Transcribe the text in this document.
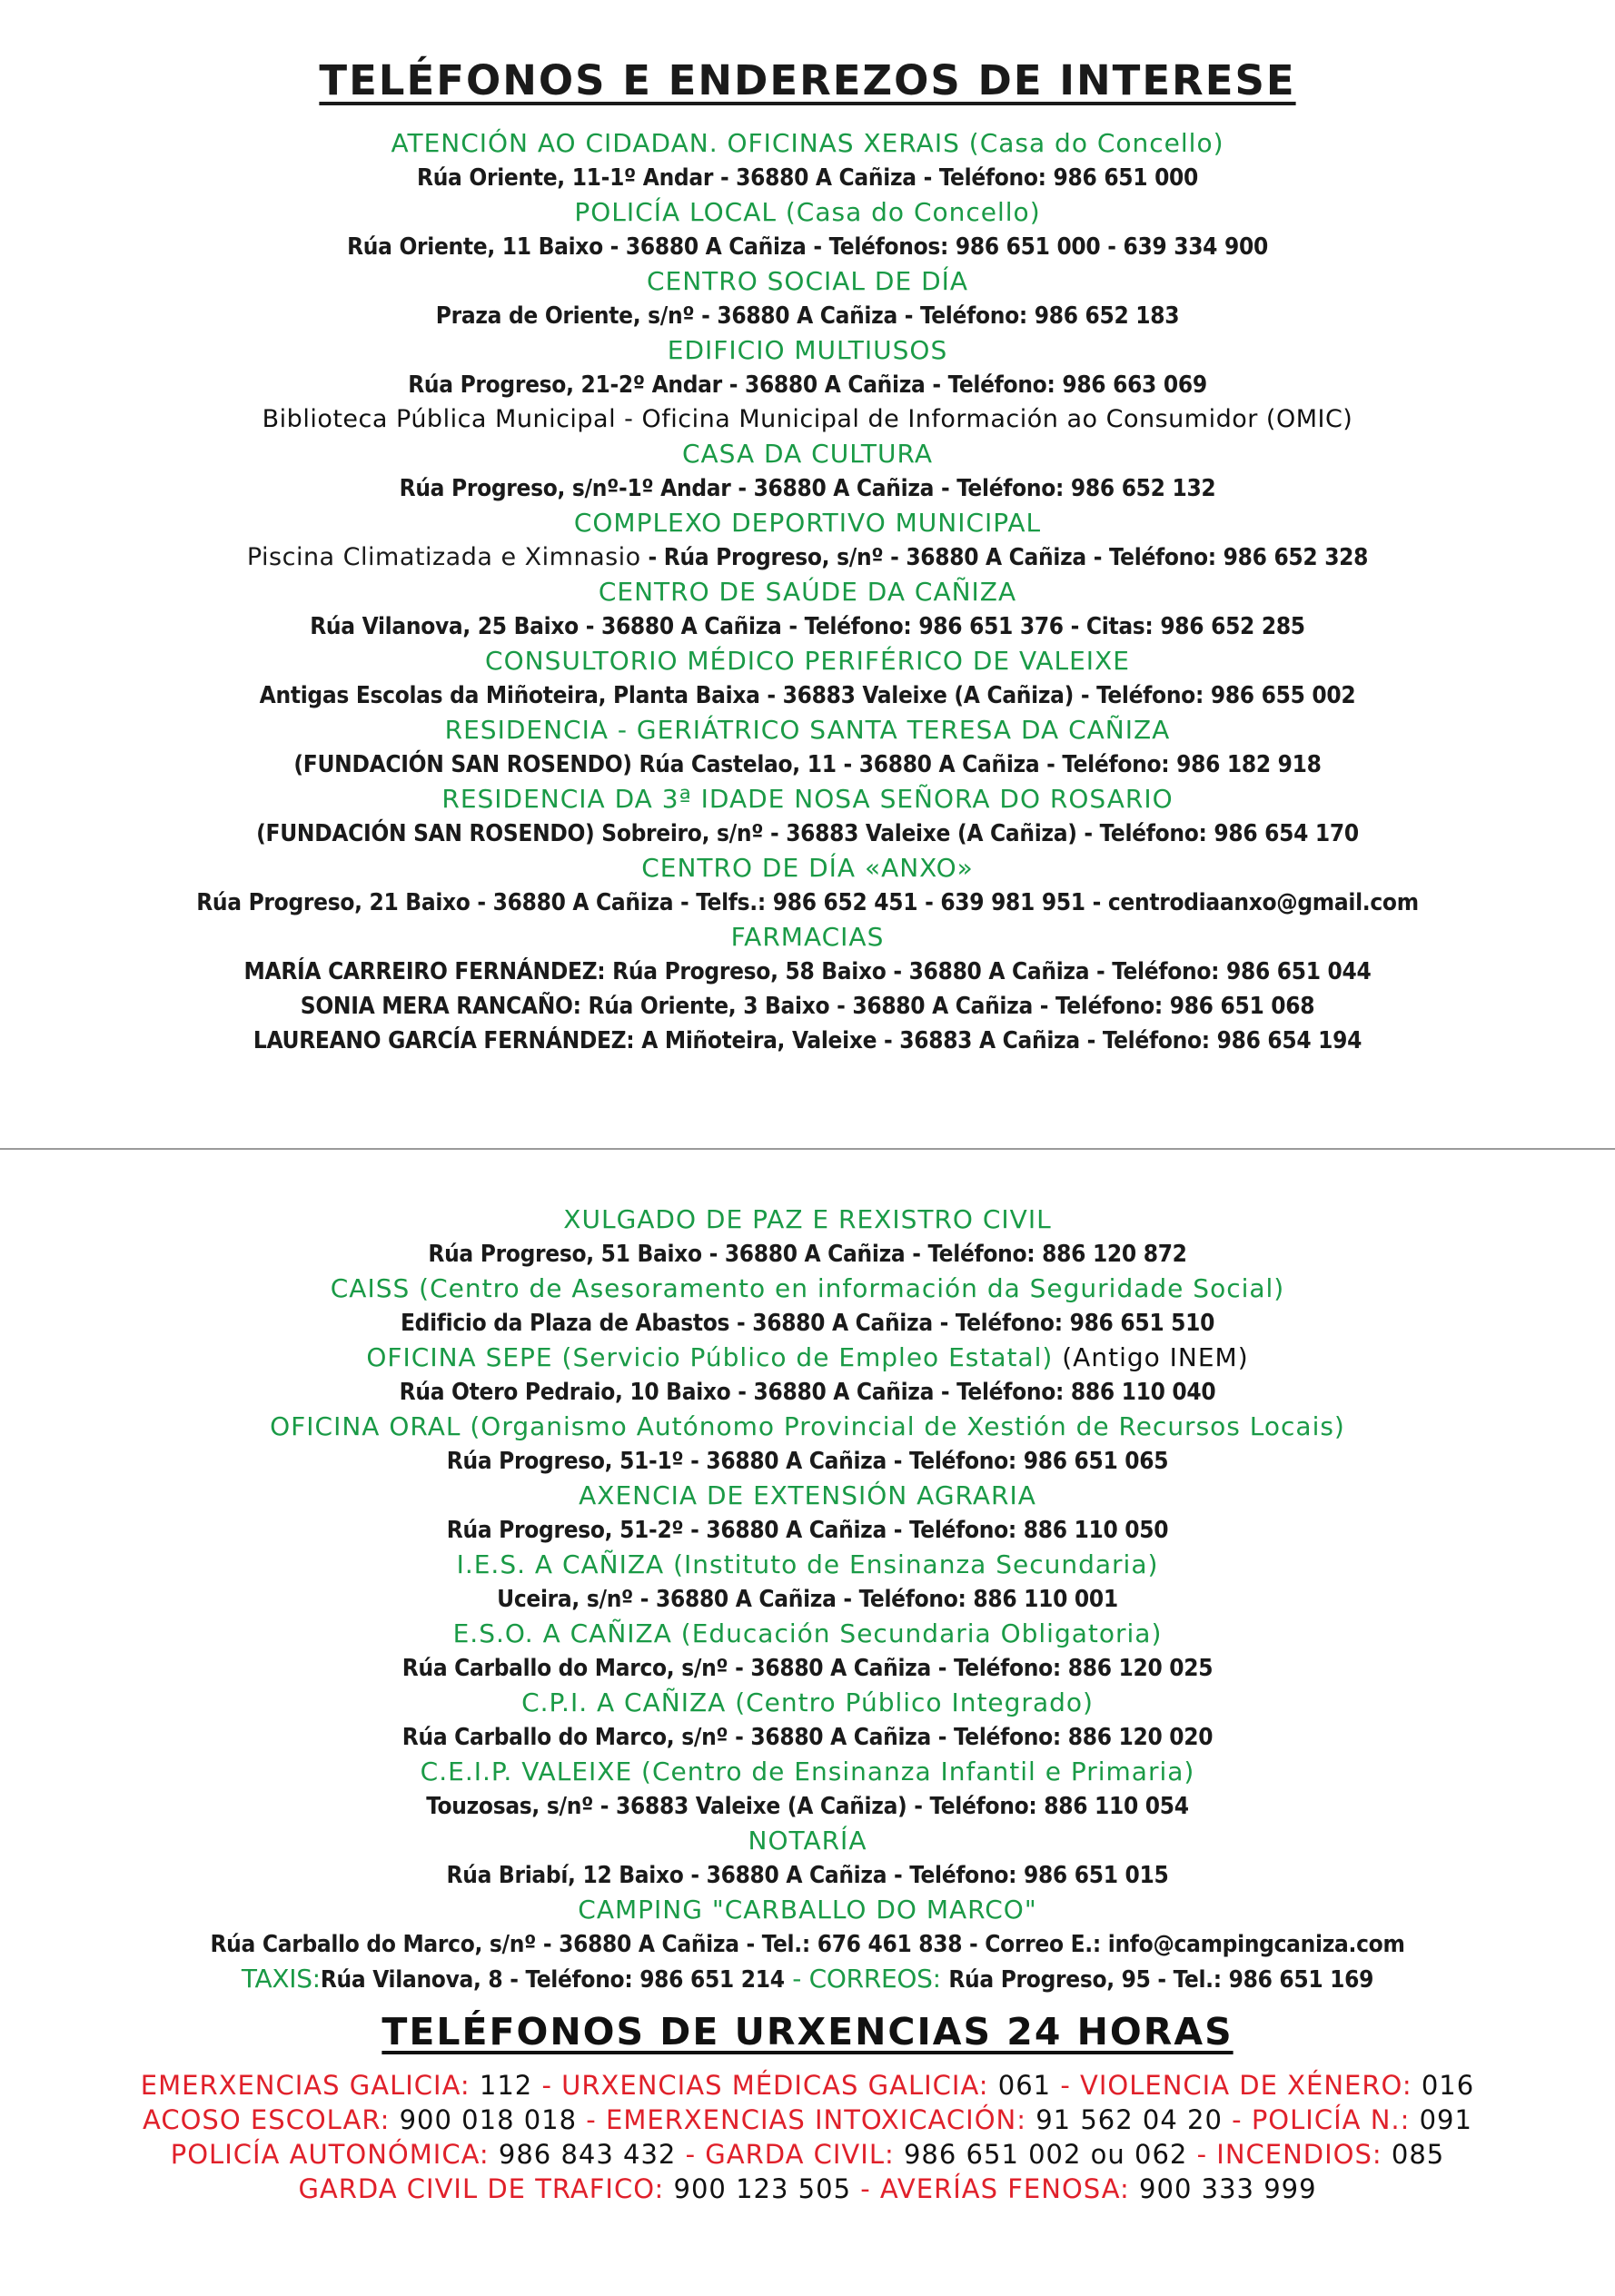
TELÉFONOS E ENDEREZOS DE INTERESE
ATENCIÓN AO CIDADAN. OFICINAS XERAIS (Casa do Concello)
Rúa Oriente, 11-1º Andar - 36880 A Cañiza - Teléfono: 986 651 000
POLICÍA LOCAL (Casa do Concello)
Rúa Oriente, 11 Baixo - 36880 A Cañiza - Teléfonos: 986 651 000 - 639 334 900
CENTRO SOCIAL DE DÍA
Praza de Oriente, s/nº - 36880 A Cañiza - Teléfono: 986 652 183
EDIFICIO MULTIUSOS
Rúa Progreso, 21-2º Andar - 36880 A Cañiza - Teléfono: 986 663 069
Biblioteca Pública Municipal - Oficina Municipal de Información ao Consumidor (OMIC)
CASA DA CULTURA
Rúa Progreso, s/nº-1º Andar - 36880 A Cañiza - Teléfono: 986 652 132
COMPLEXO DEPORTIVO MUNICIPAL
Piscina Climatizada e Ximnasio - Rúa Progreso, s/nº - 36880 A Cañiza - Teléfono: 986 652 328
CENTRO DE SAÚDE DA CAÑIZA
Rúa Vilanova, 25 Baixo - 36880 A Cañiza - Teléfono: 986 651 376 - Citas: 986 652 285
CONSULTORIO MÉDICO PERIFÉRICO DE VALEIXE
Antigas Escolas da Miñoteira, Planta Baixa - 36883 Valeixe (A Cañiza) - Teléfono: 986 655 002
RESIDENCIA - GERIÁTRICO SANTA TERESA DA CAÑIZA
(FUNDACIÓN SAN ROSENDO) Rúa Castelao, 11 - 36880 A Cañiza - Teléfono: 986 182 918
RESIDENCIA DA 3ª IDADE NOSA SEÑORA DO ROSARIO
(FUNDACIÓN SAN ROSENDO) Sobreiro, s/nº - 36883 Valeixe (A Cañiza) - Teléfono: 986 654 170
CENTRO DE DÍA «ANXO»
Rúa Progreso, 21 Baixo - 36880 A Cañiza - Telfs.: 986 652 451 - 639 981 951 - centrodiaanxo@gmail.com
FARMACIAS
MARÍA CARREIRO FERNÁNDEZ: Rúa Progreso, 58 Baixo - 36880 A Cañiza - Teléfono: 986 651 044
SONIA MERA RANCAÑO: Rúa Oriente, 3 Baixo - 36880 A Cañiza - Teléfono: 986 651 068
LAUREANO GARCÍA FERNÁNDEZ: A Miñoteira, Valeixe - 36883 A Cañiza - Teléfono: 986 654 194
XULGADO DE PAZ E REXISTRO CIVIL
Rúa Progreso, 51 Baixo - 36880 A Cañiza - Teléfono: 886 120 872
CAISS (Centro de Asesoramento en información da Seguridade Social)
Edificio da Plaza de Abastos - 36880 A Cañiza - Teléfono: 986 651 510
OFICINA SEPE (Servicio Público de Empleo Estatal) (Antigo INEM)
Rúa Otero Pedraio, 10 Baixo - 36880 A Cañiza - Teléfono: 886 110 040
OFICINA ORAL (Organismo Autónomo Provincial de Xestión de Recursos Locais)
Rúa Progreso, 51-1º - 36880 A Cañiza - Teléfono: 986 651 065
AXENCIA DE EXTENSIÓN AGRARIA
Rúa Progreso, 51-2º - 36880 A Cañiza - Teléfono: 886 110 050
I.E.S. A CAÑIZA (Instituto de Ensinanza Secundaria)
Uceira, s/nº - 36880 A Cañiza - Teléfono: 886 110 001
E.S.O. A CAÑIZA (Educación Secundaria Obligatoria)
Rúa Carballo do Marco, s/nº - 36880 A Cañiza - Teléfono: 886 120 025
C.P.I. A CAÑIZA (Centro Público Integrado)
Rúa Carballo do Marco, s/nº - 36880 A Cañiza - Teléfono: 886 120 020
C.E.I.P. VALEIXE (Centro de Ensinanza Infantil e Primaria)
Touzosas, s/nº - 36883 Valeixe (A Cañiza) - Teléfono: 886 110 054
NOTARÍA
Rúa Briabí, 12 Baixo - 36880 A Cañiza - Teléfono: 986 651 015
CAMPING "CARBALLO DO MARCO"
Rúa Carballo do Marco, s/nº - 36880 A Cañiza - Tel.: 676 461 838 - Correo E.: info@campingcaniza.com
TAXIS:Rúa Vilanova, 8 - Teléfono: 986 651 214 - CORREOS: Rúa Progreso, 95 - Tel.: 986 651 169
TELÉFONOS DE URXENCIAS 24 HORAS
EMERXENCIAS GALICIA: 112 - URXENCIAS MÉDICAS GALICIA: 061 - VIOLENCIA DE XÉNERO: 016
ACOSO ESCOLAR: 900 018 018 - EMERXENCIAS INTOXICACIÓN: 91 562 04 20 - POLICÍA N.: 091
POLICÍA AUTONÓMICA: 986 843 432 - GARDA CIVIL: 986 651 002 ou 062 - INCENDIOS: 085
GARDA CIVIL DE TRAFICO: 900 123 505 - AVERÍAS FENOSA: 900 333 999
